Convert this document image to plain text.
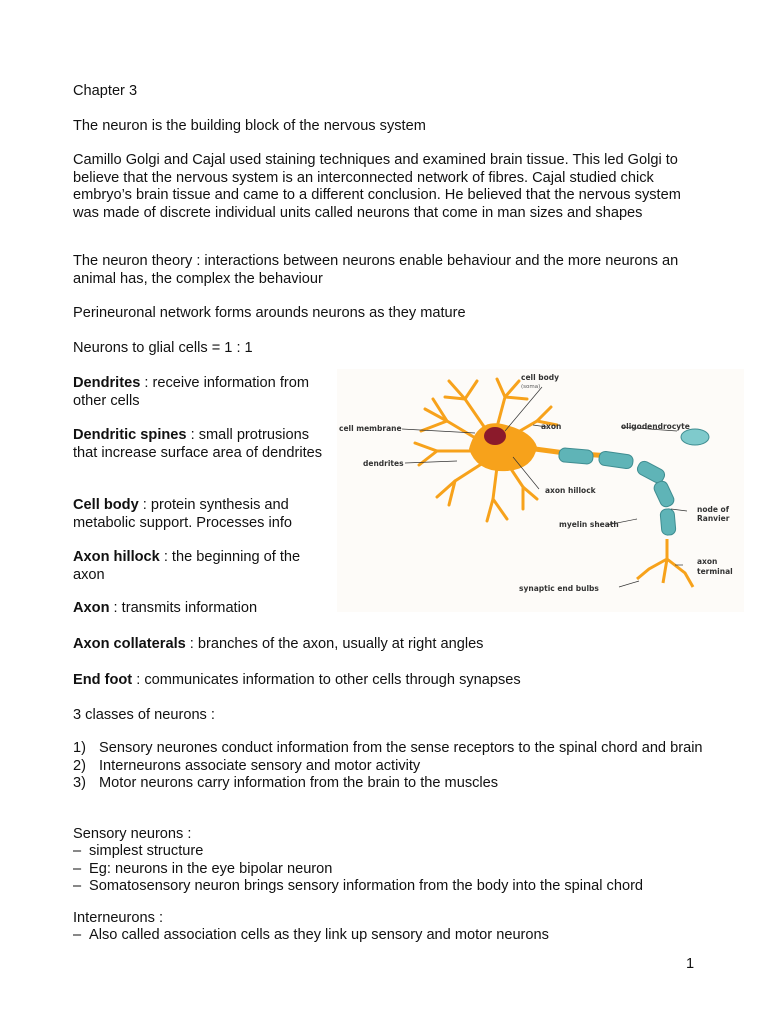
Chapter 3
The neuron is the building block of the nervous system

Camillo Golgi and Cajal used staining techniques and examined brain tissue. This led Golgi to believe that the nervous system is an interconnected network of fibres. Cajal studied chick embryo’s brain tissue and came to a different conclusion. He believed that the nervous system was made of discrete individual units called neurons that come in man sizes and shapes

The neuron theory : interactions between neurons enable behaviour and the more neurons an animal has, the complex the behaviour

Perineuronal network forms arounds neurons as they mature
Neurons to glial cells = 1 : 1

Dendrites : receive information from other cells

Dendritic spines : small protrusions that increase surface area of dendrites

Cell body : protein synthesis and metabolic support. Processes info

Axon hillock : the beginning of the axon

Axon : transmits information

Axon collaterals : branches of the axon, usually at right angles

End foot : communicates information to other cells through synapses

3 classes of neurons :
1) Sensory neurones conduct information from the sense receptors to the spinal chord and brain
2) Interneurons associate sensory and motor activity
3) Motor neurons carry information from the brain to the muscles
Sensory neurons :
– simplest structure
– Eg: neurons in the eye bipolar neuron
– Somatosensory neuron brings sensory information from the body into the spinal chord
Interneurons :
– Also called association cells as they link up sensory and motor neurons
1
cell body
(soma)
cell membrane	axon	oligodendrocyte
dendrites
axon hillock
node of
Ranvier
myelin sheath
axon
terminal
synaptic end bulbs
